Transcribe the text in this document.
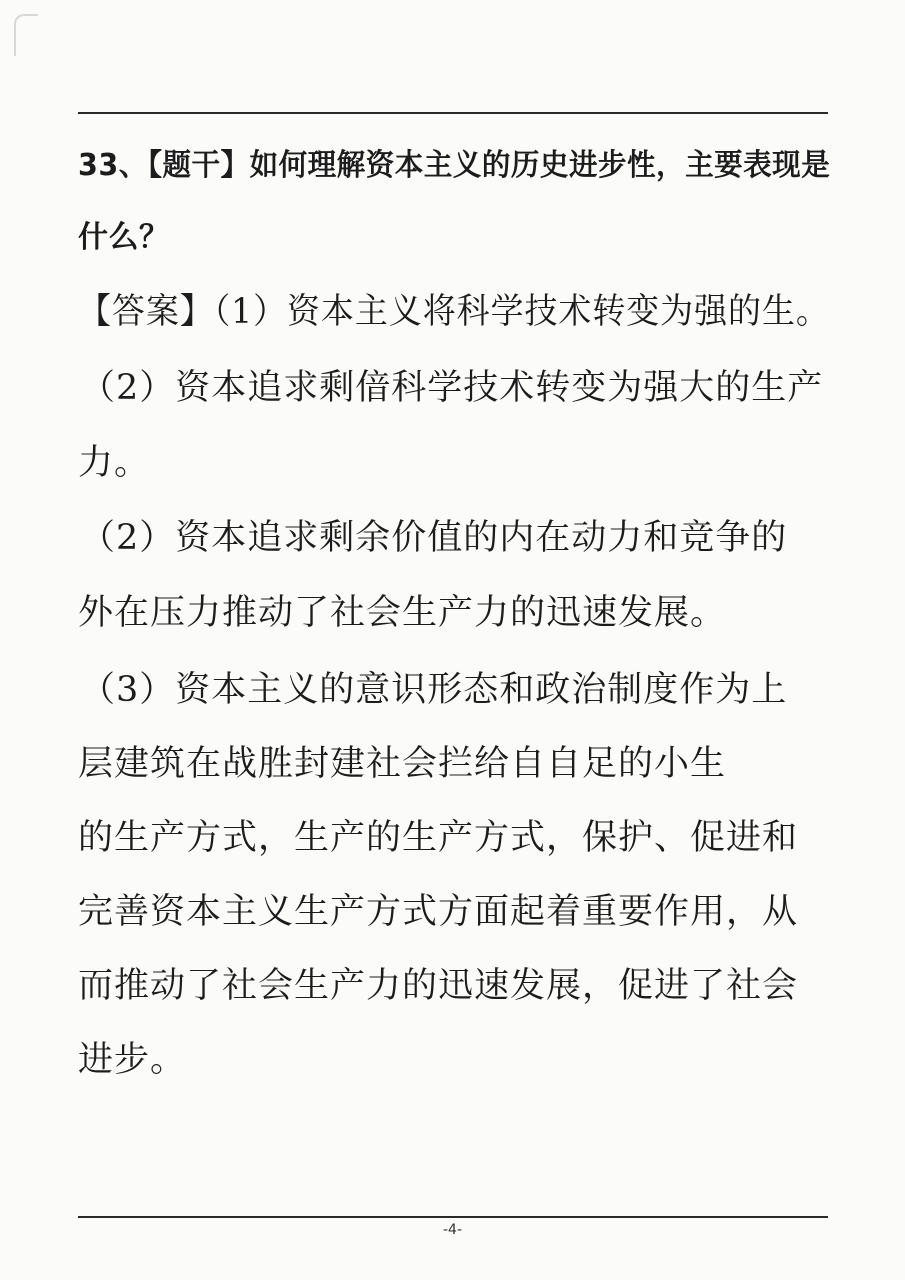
33、【题干】如何理解资本主义的历史进步性，主要表现是
什么？
【答案】（1）资本主义将科学技术转变为强的生。
（2）资本追求剩偣科学技术转变为强大的生产
力。
（2）资本追求剩余价值的内在动力和竞争的
外在压力推动了社会生产力的迅速发展。
（3）资本主义的意识形态和政治制度作为上
层建筑在战胜封建社会拦给自自足的小生
的生产方式，生产的生产方式，保护、促进和
完善资本主义生产方式方面起着重要作用，从
而推动了社会生产力的迅速发展，促进了社会
进步。
-4-
